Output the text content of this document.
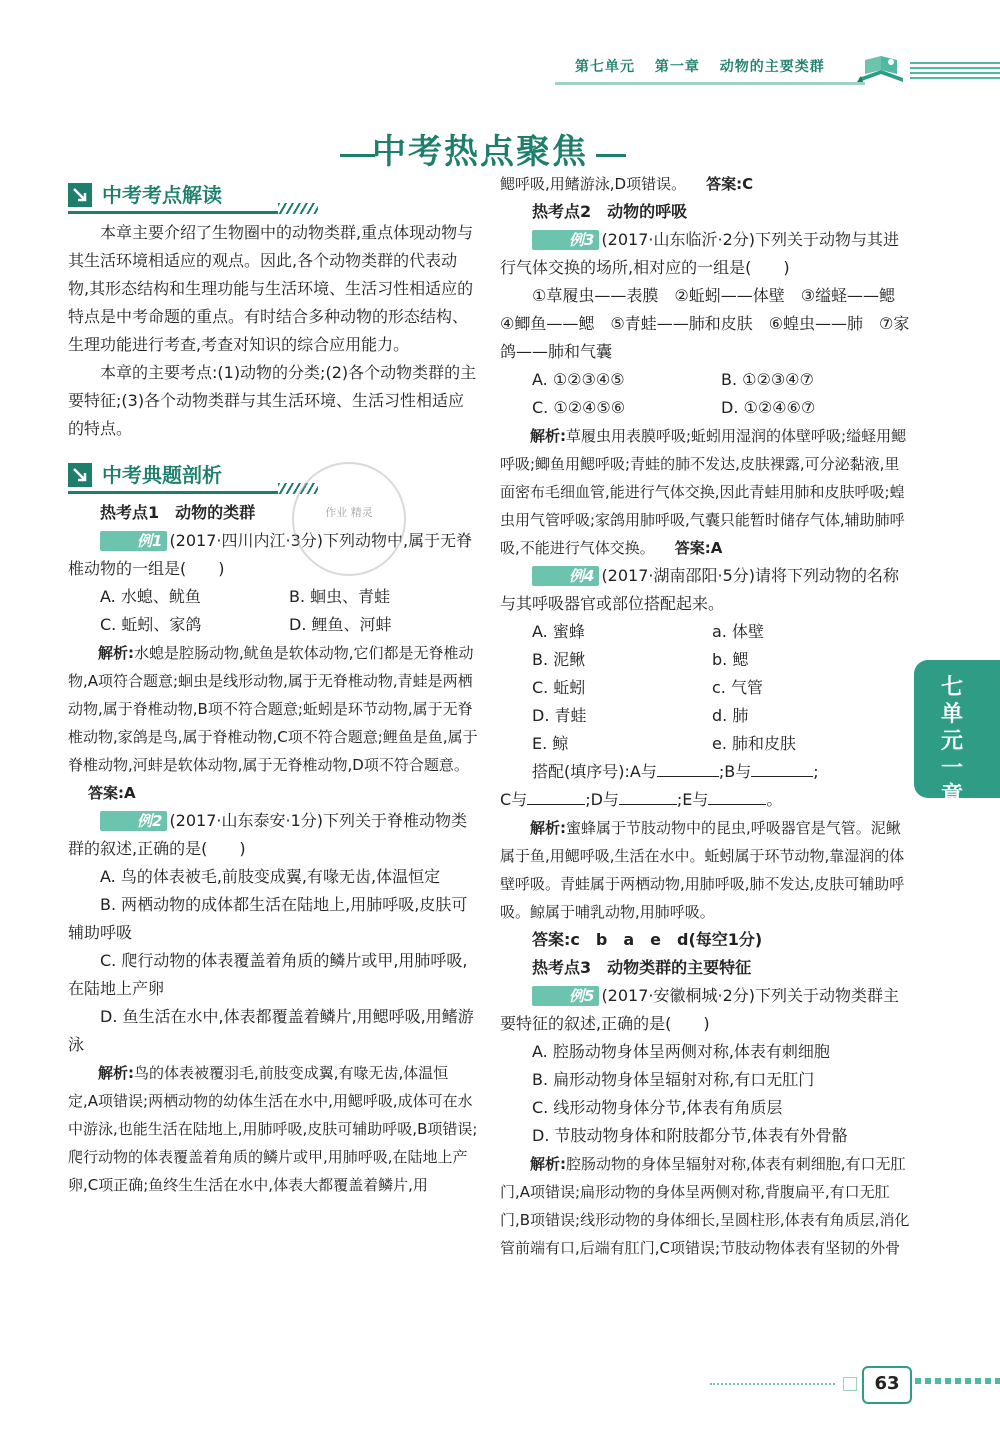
第七单元 第一章 动物的主要类群
中考热点聚焦
中考考点解读

本章主要介绍了生物圈中的动物类群,重点体现动物与其生活环境相适应的观点。因此,各个动物类群的代表动物,其形态结构和生理功能与生活环境、生活习性相适应的特点是中考命题的重点。有时结合多种动物的形态结构、生理功能进行考查,考查对知识的综合应用能力。

本章的主要考点:(1)动物的分类;(2)各个动物类群的主要特征;(3)各个动物类群与其生活环境、生活习性相适应的特点。

中考典题剖析

热考点1　动物的类群

例1 (2017·四川内江·3分)下列动物中,属于无脊椎动物的一组是(　　)

A. 水螅、鱿鱼	B. 蛔虫、青蛙
C. 蚯蚓、家鸽	D. 鲤鱼、河蚌

解析:水螅是腔肠动物,鱿鱼是软体动物,它们都是无脊椎动物,A项符合题意;蛔虫是线形动物,属于无脊椎动物,青蛙是两栖动物,属于脊椎动物,B项不符合题意;蚯蚓是环节动物,属于无脊椎动物,家鸽是鸟,属于脊椎动物,C项不符合题意;鲤鱼是鱼,属于脊椎动物,河蚌是软体动物,属于无脊椎动物,D项不符合题意。答案:A

例2 (2017·山东泰安·1分)下列关于脊椎动物类群的叙述,正确的是(　　)

A. 鸟的体表被毛,前肢变成翼,有喙无齿,体温恒定

B. 两栖动物的成体都生活在陆地上,用肺呼吸,皮肤可辅助呼吸

C. 爬行动物的体表覆盖着角质的鳞片或甲,用肺呼吸,在陆地上产卵

D. 鱼生活在水中,体表都覆盖着鳞片,用鳃呼吸,用鳍游泳

解析:鸟的体表被覆羽毛,前肢变成翼,有喙无齿,体温恒定,A项错误;两栖动物的幼体生活在水中,用鳃呼吸,成体可在水中游泳,也能生活在陆地上,用肺呼吸,皮肤可辅助呼吸,B项错误;爬行动物的体表覆盖着角质的鳞片或甲,用肺呼吸,在陆地上产卵,C项正确;鱼终生生活在水中,体表大都覆盖着鳞片,用

作业 精灵

鳃呼吸,用鳍游泳,D项错误。 答案:C

热考点2　动物的呼吸

例3 (2017·山东临沂·2分)下列关于动物与其进行气体交换的场所,相对应的一组是(　　)

①草履虫——表膜　②蚯蚓——体壁　③缢蛏——鳃　④鲫鱼——鳃　⑤青蛙——肺和皮肤　⑥蝗虫——肺　⑦家鸽——肺和气囊

A. ①②③④⑤	B. ①②③④⑦
C. ①②④⑤⑥	D. ①②④⑥⑦

解析:草履虫用表膜呼吸;蚯蚓用湿润的体壁呼吸;缢蛏用鳃呼吸;鲫鱼用鳃呼吸;青蛙的肺不发达,皮肤裸露,可分泌黏液,里面密布毛细血管,能进行气体交换,因此青蛙用肺和皮肤呼吸;蝗虫用气管呼吸;家鸽用肺呼吸,气囊只能暂时储存气体,辅助肺呼吸,不能进行气体交换。 答案:A

例4 (2017·湖南邵阳·5分)请将下列动物的名称与其呼吸器官或部位搭配起来。

A. 蜜蜂	a. 体壁
B. 泥鳅	b. 鳃
C. 蚯蚓	c. 气管
D. 青蛙	d. 肺
E. 鲸	e. 肺和皮肤

搭配(填序号):A与	;B与	;

C与	;D与	;E与	。

解析:蜜蜂属于节肢动物中的昆虫,呼吸器官是气管。泥鳅属于鱼,用鳃呼吸,生活在水中。蚯蚓属于环节动物,靠湿润的体壁呼吸。青蛙属于两栖动物,用肺呼吸,肺不发达,皮肤可辅助呼吸。鲸属于哺乳动物,用肺呼吸。

答案:c　b　a　e　d(每空1分)

热考点3　动物类群的主要特征

例5 (2017·安徽桐城·2分)下列关于动物类群主要特征的叙述,正确的是(　　)

A. 腔肠动物身体呈两侧对称,体表有刺细胞

B. 扁形动物身体呈辐射对称,有口无肛门

C. 线形动物身体分节,体表有角质层

D. 节肢动物身体和附肢都分节,体表有外骨骼

解析:腔肠动物的身体呈辐射对称,体表有刺细胞,有口无肛门,A项错误;扁形动物的身体呈两侧对称,背腹扁平,有口无肛门,B项错误;线形动物的身体细长,呈圆柱形,体表有角质层,消化管前端有口,后端有肛门,C项错误;节肢动物体表有坚韧的外骨

七
单
元
一
章
63
